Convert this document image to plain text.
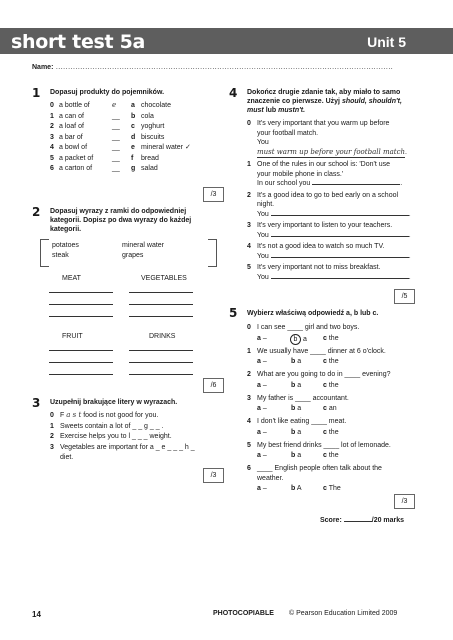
short test 5a	Unit 5
Name: ..........................................................................................................................................
1 Dopasuj produkty do pojemników.
0 a bottle of	e a chocolate
1 a can of	__ b cola
2 a loaf of	__ c yoghurt
3 a bar of	__ d biscuits
4 a bowl of	__ e mineral water ✓
5 a packet of	__ f bread
6 a carton of	__ g salad
/3
2 Dopasuj wyrazy z ramki do odpowiedniej
kategorii. Dopisz po dwa wyrazy do każdej
kategorii.
potatoes	mineral water
steak	grapes
MEAT	VEGETABLES
FRUIT	DRINKS
/6
3 Uzupełnij brakujące litery w wyrazach.
0 F a s t food is not good for you.
1 Sweets contain a lot of _ _ g _ _ .
2 Exercise helps you to l _ _ _ weight.
3 Vegetables are important for a _ e _ _ _ h _
diet.
/3
4 Dokończ drugie zdanie tak, aby miało to samo
znaczenie co pierwsze. Użyj should, shouldn't,
must lub mustn't.
0 It's very important that you warm up before
your football match.
You must warm up before your football match.
1 One of the rules in our school is: 'Don't use
your mobile phone in class.'
In our school you	.
2 It's a good idea to go to bed early on a school
night.
You	.
3 It's very important to listen to your teachers.
You	.
4 It's not a good idea to watch so much TV.
You	.
5 It's very important not to miss breakfast.
You	.
/5
5 Wybierz właściwą odpowiedź a, b lub c.
0 I can see ____ girl and two boys.
a –	b a c the
1 We usually have ____ dinner at 6 o'clock.
a –	b a	c the
2 What are you going to do in ____ evening?
a –	b a	c the
3 My father is ____ accountant.
a –	b a	c an
4 I don't like eating ____ meat.
a –	b a	c the
5 My best friend drinks ____ lot of lemonade.
a –	b a	c the
6 ____ English people often talk about the
weather.
a –	b A	c The
/3
Score:	/20 marks
14	PHOTOCOPIABLE © Pearson Education Limited 2009
